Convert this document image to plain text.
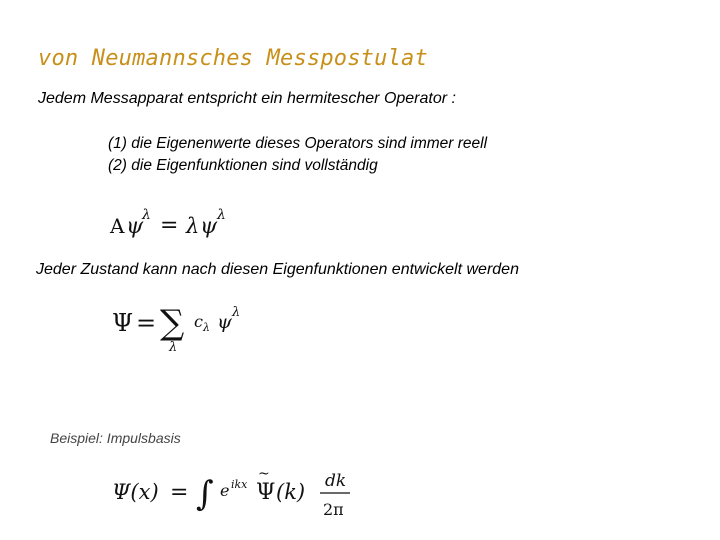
von Neumannsches Messpostulat
Jedem Messapparat entspricht ein hermitescher Operator :
(1) die Eigenenwerte dieses Operators sind immer reell
(2) die Eigenfunktionen sind vollständig
Jeder Zustand kann nach diesen Eigenfunktionen entwickelt werden
Beispiel: Impulsbasis
A ψ
λ = λ ψ λ
Ψ = ∑
λ
c λ ψ λ
Ψ(x) = ∫ e ikx
~
Ψ (k) dk
2π
